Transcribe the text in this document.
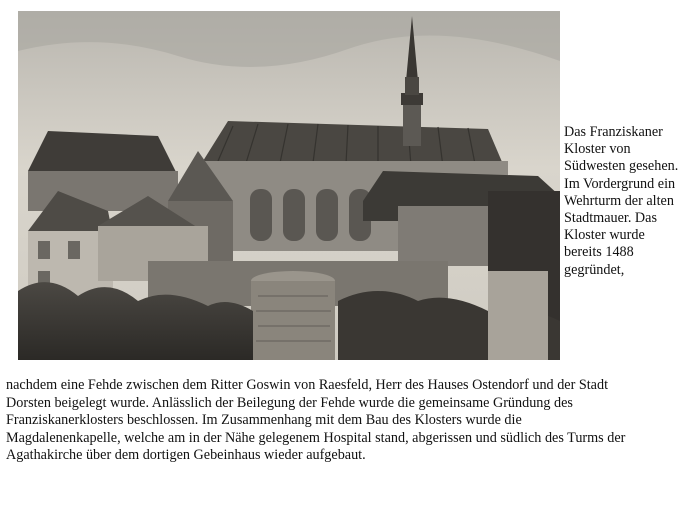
Das Franziskaner
Kloster von
Südwesten gesehen.
Im Vordergrund ein
Wehrturm der alten
Stadtmauer. Das
Kloster wurde
bereits 1488
gegründet,
nachdem eine Fehde zwischen dem Ritter Goswin von Raesfeld, Herr des Hauses Ostendorf und der Stadt
Dorsten beigelegt wurde. Anlässlich der Beilegung der Fehde wurde die gemeinsame Gründung des
Franziskanerklosters beschlossen. Im Zusammenhang mit dem Bau des Klosters wurde die
Magdalenenkapelle, welche am in der Nähe gelegenem Hospital stand, abgerissen und südlich des Turms der
Agathakirche über dem dortigen Gebeinhaus wieder aufgebaut.
